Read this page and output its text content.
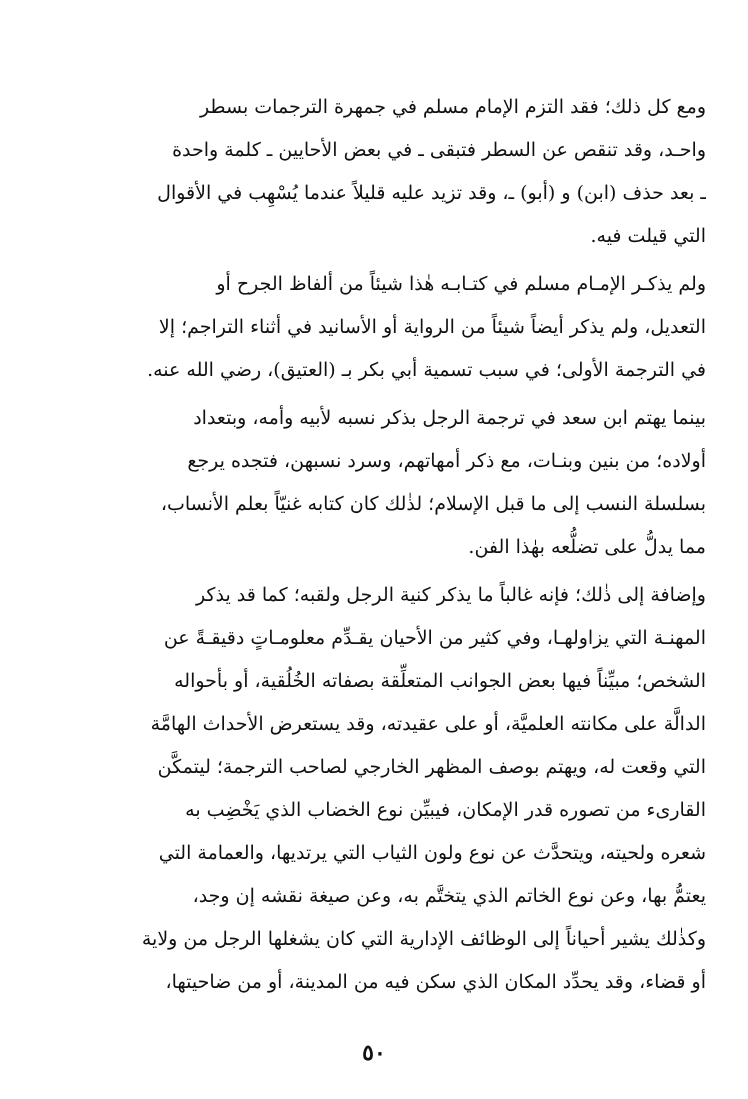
ومع كل ذلك؛ فقد التزم الإمام مسلم في جمهرة الترجمات بسطر
واحـد، وقد تنقص عن السطر فتبقى ـ في بعض الأحايين ـ كلمة واحدة
ـ بعد حذف (ابن) و (أبو) ـ، وقد تزيد عليه قليلاً عندما يُسْهِب في الأقوال
التي قيلت فيه.
ولم يذكـر الإمـام مسلم في كتـابـه هٰذا شيئاً من ألفاظ الجرح أو
التعديل، ولم يذكر أيضاً شيئاً من الرواية أو الأسانيد في أثناء التراجم؛ إلا
في الترجمة الأولى؛ في سبب تسمية أبي بكر بـ (العتيق)، رضي الله عنه.
بينما يهتم ابن سعد في ترجمة الرجل بذكر نسبه لأبيه وأمه، وبتعداد
أولاده؛ من بنين وبنـات، مع ذكر أمهاتهم، وسرد نسبهن، فتجده يرجع
بسلسلة النسب إلى ما قبل الإسلام؛ لذٰلك كان كتابه غنيّاً بعلم الأنساب،
مما يدلُّ على تضلُّعه بهٰذا الفن.
وإضافة إلى ذٰلك؛ فإنه غالباً ما يذكر كنية الرجل ولقبه؛ كما قد يذكر
المهنـة التي يزاولهـا، وفي كثير من الأحيان يقـدِّم معلومـاتٍ دقيقـةً عن
الشخص؛ مبيِّناً فيها بعض الجوانب المتعلِّقة بصفاته الخُلُقية، أو بأحواله
الدالَّة على مكانته العلميَّة، أو على عقيدته، وقد يستعرض الأحداث الهامَّة
التي وقعت له، ويهتم بوصف المظهر الخارجي لصاحب الترجمة؛ ليتمكَّن
القارىء من تصوره قدر الإمكان، فيبيِّن نوع الخضاب الذي يَخْضِب به
شعره ولحيته، ويتحدَّث عن نوع ولون الثياب التي يرتديها، والعمامة التي
يعتمُّ بها، وعن نوع الخاتم الذي يتختَّم به، وعن صيغة نقشه إن وجد،
وكذٰلك يشير أحياناً إلى الوظائف الإدارية التي كان يشغلها الرجل من ولاية
أو قضاء، وقد يحدِّد المكان الذي سكن فيه من المدينة، أو من ضاحيتها،
٥٠
